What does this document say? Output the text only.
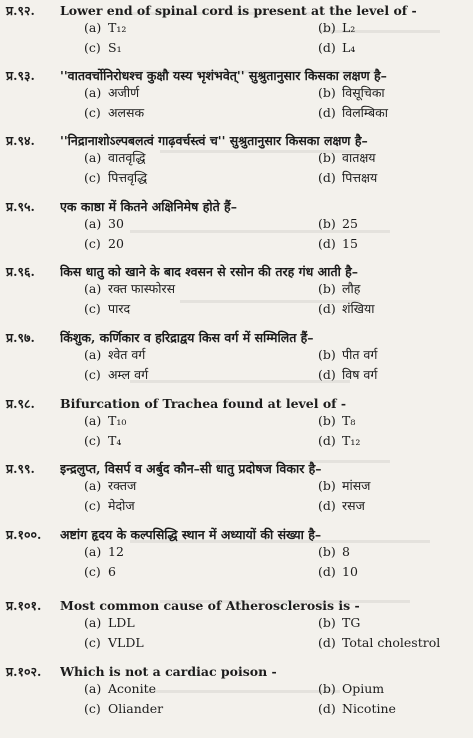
प्र.९२.	Lower end of spinal cord is present at the level of -
(a) T₁₂	(b) L₂
(c) S₁	(d) L₄
प्र.९३.	''वातवर्चोनिरोधश्च कुक्षौ यस्य भृशंभवेत्'' सुश्रुतानुसार किसका लक्षण है–
(a) अजीर्ण	(b) विसूचिका
(c) अलसक	(d) विलम्बिका
प्र.९४.	''निद्रानाशोऽल्पबलत्वं गाढ़वर्चस्त्वं च'' सुश्रुतानुसार किसका लक्षण है–
(a) वातवृद्धि	(b) वातक्षय
(c) पित्तवृद्धि	(d) पित्तक्षय
प्र.९५.	एक काष्ठा में कितने अक्षिनिमेष होते हैं–
(a) 30	(b) 25
(c) 20	(d) 15
प्र.९६.	किस धातु को खाने के बाद श्वसन से रसोन की तरह गंध आती है–
(a) रक्त फास्फोरस	(b) लौह
(c) पारद	(d) शंखिया
प्र.९७.	किंशुक, कर्णिकार व हरिद्राद्वय किस वर्ग में सम्मिलित हैं–
(a) श्वेत वर्ग	(b) पीत वर्ग
(c) अम्ल वर्ग	(d) विष वर्ग
प्र.९८.	Bifurcation of Trachea found at level of -
(a) T₁₀	(b) T₈
(c) T₄	(d) T₁₂
प्र.९९.	इन्द्रलुप्त, विसर्प व अर्बुद कौन–सी धातु प्रदोषज विकार है–
(a) रक्तज	(b) मांसज
(c) मेदोज	(d) रसज
प्र.१००.	अष्टांग हृदय के कल्पसिद्धि स्थान में अध्यायों की संख्या है–
(a) 12	(b) 8
(c) 6	(d) 10
प्र.१०१.	Most common cause of Atherosclerosis is -
(a) LDL	(b) TG
(c) VLDL	(d) Total cholestrol
प्र.१०२.	Which is not a cardiac poison -
(a) Aconite	(b) Opium
(c) Oliander	(d) Nicotine
